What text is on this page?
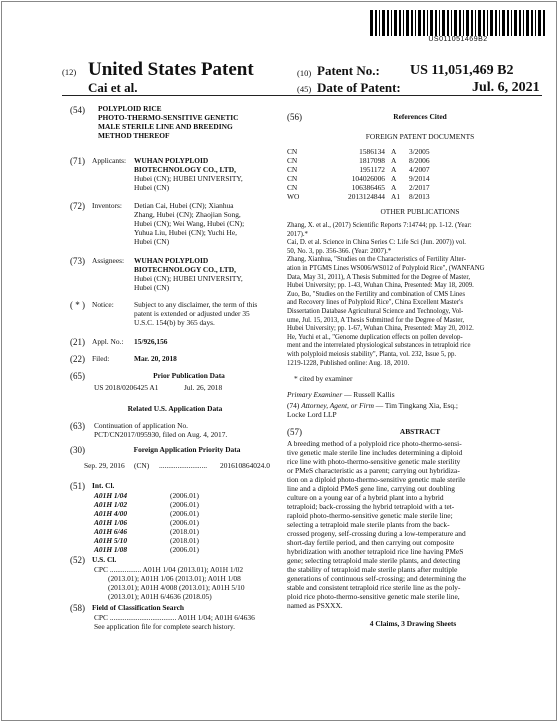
US011051469B2
(12) United States Patent
Cai et al.
(10) Patent No.: US 11,051,469 B2
(45) Date of Patent:	Jul. 6, 2021
(54) POLYPLOID RICE
PHOTO-THERMO-SENSITIVE GENETIC
MALE STERILE LINE AND BREEDING
METHOD THEREOF
(71) Applicants: WUHAN POLYPLOID
BIOTECHNOLOGY CO., LTD,
Hubei (CN); HUBEI UNIVERSITY,
Hubei (CN)
(72) Inventors: Detian Cai, Hubei (CN); Xianhua
Zhang, Hubei (CN); Zhaojian Song,
Hubei (CN); Wei Wang, Hubei (CN);
Yuhua Liu, Hubei (CN); Yuchi He,
Hubei (CN)
(73) Assignees: WUHAN POLYPLOID
BIOTECHNOLOGY CO., LTD,
Hubei (CN); HUBEI UNIVERSITY,
Hubei (CN)
( * ) Notice:	Subject to any disclaimer, the term of this
patent is extended or adjusted under 35
U.S.C. 154(b) by 365 days.
(21) Appl. No.: 15/926,156
(22) Filed:	Mar. 20, 2018
(65)	Prior Publication Data
US 2018/0206425 A1	Jul. 26, 2018
Related U.S. Application Data
(63) Continuation of application No.
PCT/CN2017/095930, filed on Aug. 4, 2017.
(30)	Foreign Application Priority Data
Sep. 29, 2016 (CN) .......................... 201610864024.0
(51) Int. Cl.
A01H 1/04	(2006.01)
A01H 1/02	(2006.01)
A01H 4/00	(2006.01)
A01H 1/06	(2006.01)
A01H 6/46	(2018.01)
A01H 5/10	(2018.01)
A01H 1/08	(2006.01)
(52) U.S. Cl.
CPC ................. A01H 1/04 (2013.01); A01H 1/02
(2013.01); A01H 1/06 (2013.01); A01H 1/08
(2013.01); A01H 4/008 (2013.01); A01H 5/10
(2013.01); A01H 6/4636 (2018.05)
(58) Field of Classification Search
CPC .................................... A01H 1/04; A01H 6/4636
See application file for complete search history.
(56)	References Cited
FOREIGN PATENT DOCUMENTS
CN	1586134 A	3/2005
CN	1817098 A	8/2006
CN	1951172 A	4/2007
CN	104026006 A	9/2014
CN	106386465 A	2/2017
WO	2013124844 A1	8/2013
OTHER PUBLICATIONS
Zhang, X. et al., (2017) Scientific Reports 7:14744; pp. 1-12. (Year:
2017).*
Cai, D. et al. Science in China Series C: Life Sci (Jun. 2007)) vol.
50, No. 3, pp. 356-366. (Year: 2007).*
Zhang, Xianhua, "Studies on the Characteristics of Fertility Alter-
ation in PTGMS Lines WS006/WS012 of Polyploid Rice", (WANFANG
Data, May 31, 2011), A Thesis Submitted for the Degree of Master,
Hubei University; pp. 1-43, Wuhan China, Presented: May 18, 2009.
Zuo, Bo, "Studies on the Fertility and combination of CMS Lines
and Recovery lines of Polyploid Rice", China Excellent Master's
Dissertation Database Agricultural Science and Technology, Vol-
ume, Jul. 15, 2013, A Thesis Submitted for the Degree of Master,
Hubei University; pp. 1-67, Wuhan China, Presented: May 20, 2012.
He, Yuchi et al., "Genome duplication effects on pollen develop-
ment and the interrelated physiological substances in tetraploid rice
with polyploid meiosis stability", Planta, vol. 232, Issue 5, pp.
1219-1228, Published online: Aug. 18, 2010.
* cited by examiner
Primary Examiner — Russell Kallis
(74) Attorney, Agent, or Firm — Tim Tingkang Xia, Esq.;
Locke Lord LLP
(57)	ABSTRACT
A breeding method of a polyploid rice photo-thermo-sensi-
tive genetic male sterile line includes determining a diploid
rice line with photo-thermo-sensitive genetic male sterility
or PMeS characteristic as a parent; carrying out hybridiza-
tion on a diploid photo-thermo-sensitive genetic male sterile
line and a diploid PMeS gene line, carrying out doubling
culture on a young ear of a hybrid plant into a hybrid
tetraploid; back-crossing the hybrid tetraploid with a tet-
raploid photo-thermo-sensitive genetic male sterile line;
selecting a tetraploid male sterile plants from the back-
crossed progeny, self-crossing during a low-temperature and
short-day fertile period, and then carrying out composite
hybridization with another tetraploid rice line having PMeS
gene; selecting tetraploid male sterile plants, and detecting
the stability of tetraploid male sterile plants after multiple
generations of continuous self-crossing; and determining the
stable and consistent tetraploid rice sterile line as the poly-
ploid rice photo-thermo-sensitive genetic male sterile line,
named as PSXXX.
4 Claims, 3 Drawing Sheets
